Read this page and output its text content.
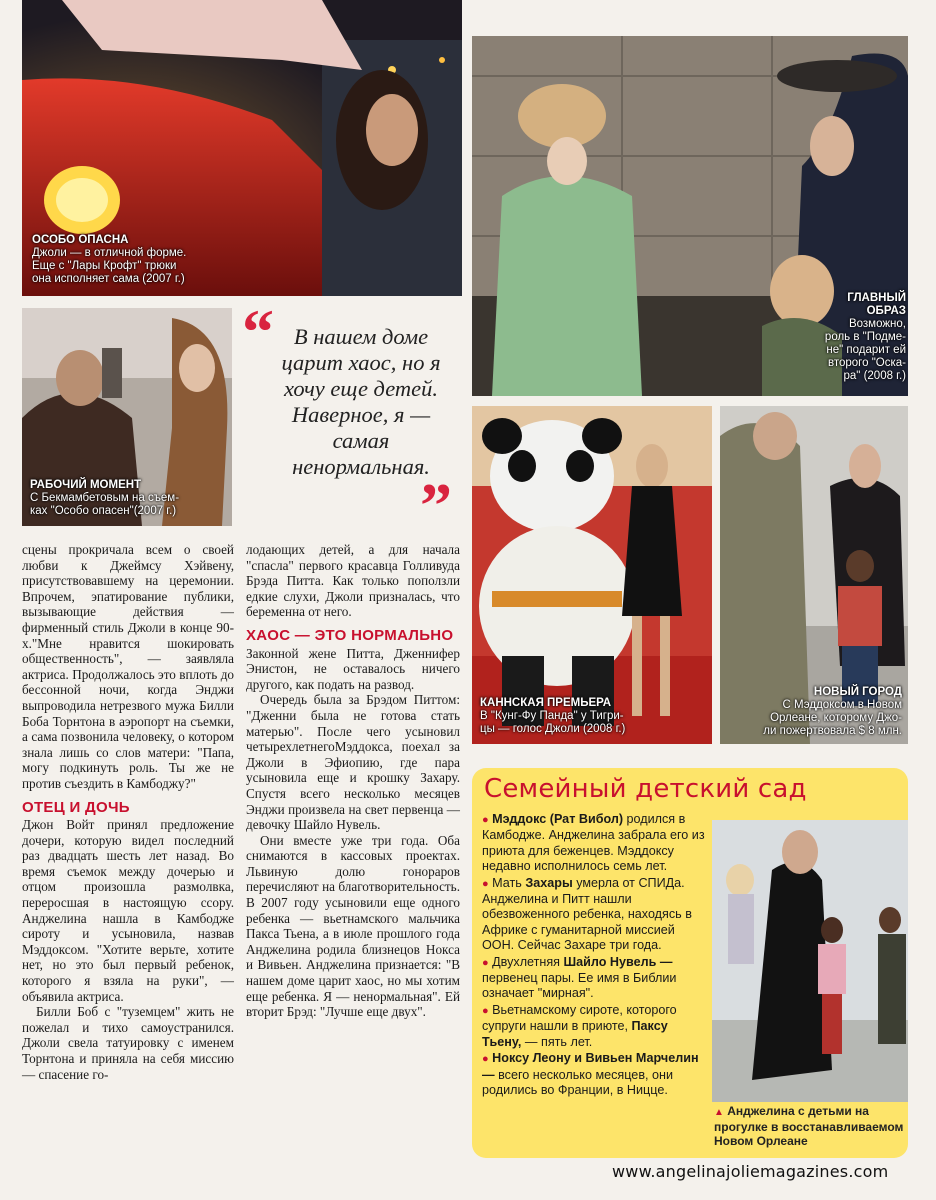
ОСОБО ОПАСНА
Джоли — в отличной форме.
Еще с "Лары Крофт" трюки
она исполняет сама (2007 г.)
ГЛАВНЫЙ
ОБРАЗ
Возможно,
роль в "Подме-
не" подарит ей
второго "Оска-
ра" (2008 г.)
РАБОЧИЙ МОМЕНТ
С Бекмамбетовым на съем-
ках "Особо опасен"(2007 г.)
“ В нашем доме царит хаос, но я хочу еще детей. Наверное, я — самая ненормальная.
”
КАННСКАЯ ПРЕМЬЕРА
В "Кунг-Фу Панда" у Тигри-
цы — голос Джоли (2008 г.)
НОВЫЙ ГОРОД
С Мэддоксом в Новом
Орлеане, которому Джо-
ли пожертвовала $ 8 млн.

сцены прокричала всем о своей любви к Джеймсу Хэйвену, присутствовавшему на церемонии. Впрочем, эпатирование публики, вызывающие действия — фирменный стиль Джоли в конце 90-х."Мне нравится шокировать общественность", — заявляла актриса. Продолжалось это вплоть до бессонной ночи, когда Энджи выпроводила нетрезвого мужа Билли Боба Торнтона в аэропорт на съемки, а сама позвонила человеку, о котором знала лишь со слов матери: "Папа, могу подкинуть роль. Ты же не против съездить в Камбоджу?"

ОТЕЦ И ДОЧЬ

Джон Войт принял предложение дочери, которую видел последний раз двадцать шесть лет назад. Во время съемок между дочерью и отцом произошла размолвка, переросшая в настоящую ссору. Анджелина нашла в Камбодже сироту и усыновила, назвав Мэддоксом. "Хотите верьте, хотите нет, но это был первый ребенок, которого я взяла на руки", — объявила актриса.

Билли Боб с "туземцем" жить не пожелал и тихо самоустранился. Джоли свела татуировку с именем Торнтона и приняла на себя миссию — спасение го-

лодающих детей, а для начала "спасла" первого красавца Голливуда Брэда Питта. Как только поползли едкие слухи, Джоли призналась, что беременна от него.

ХАОС — ЭТО НОРМАЛЬНО

Законной жене Питта, Дженнифер Энистон, не оставалось ничего другого, как подать на развод.

Очередь была за Брэдом Питтом: "Дженни была не готова стать матерью". После чего усыновил четырехлетнегоМэддокса, поехал за Джоли в Эфиопию, где пара усыновила еще и крошку Захару. Спустя всего несколько месяцев Энджи произвела на свет первенца — девочку Шайло Нувель.

Они вместе уже три года. Оба снимаются в кассовых проектах. Львиную долю гонораров перечисляют на благотворительность. В 2007 году усыновили еще одного ребенка — вьетнамского мальчика Пакса Тьена, а в июле прошлого года Анджелина родила близнецов Нокса и Вивьен. Анджелина признается: "В нашем доме царит хаос, но мы хотим еще ребенка. Я — ненормальная". Ей вторит Брэд: "Лучше еще двух".

Семейный детский сад

● Мэддокс (Рат Вибол) родился в Камбодже. Анджелина забрала его из приюта для беженцев. Мэддоксу недавно исполнилось семь лет.

● Мать Захары умерла от СПИДа. Анджелина и Питт нашли обезвоженного ребенка, находясь в Африке с гуманитарной миссией ООН. Сейчас Захаре три года.

● Двухлетняя Шайло Нувель — первенец пары. Ее имя в Библии означает "мирная".

● Вьетнамскому сироте, которого супруги нашли в приюте, Паксу Тьену, — пять лет.

● Ноксу Леону и Вивьен Марчелин — всего несколько месяцев, они родились во Франции, в Ницце.

▲ Анджелина с детьми на прогулке в восстанавливаемом Новом Орлеане
www.angelinajoliemagazines.com
